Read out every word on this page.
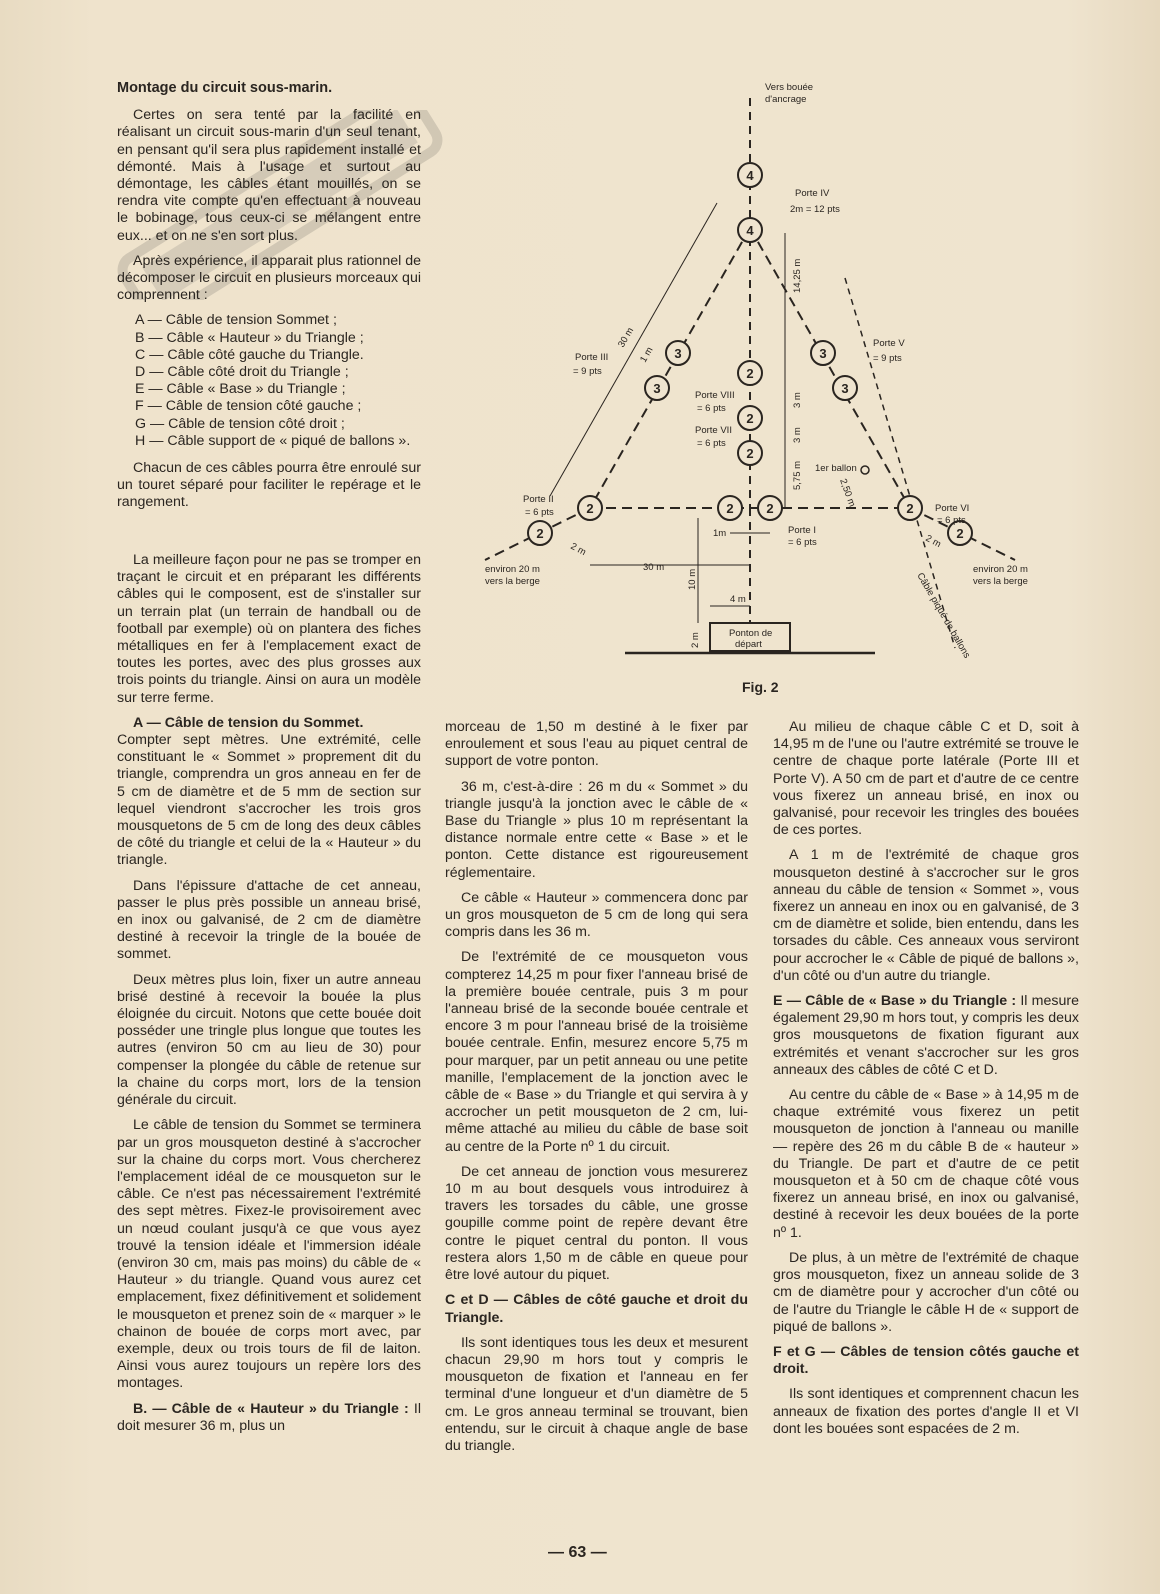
Montage du circuit sous-marin.

Certes on sera tenté par la facilité en réalisant un circuit sous-marin d'un seul tenant, en pensant qu'il sera plus rapidement installé et démonté. Mais à l'usage et surtout au démontage, les câbles étant mouillés, on se rendra vite compte qu'en effectuant à nouveau le bobinage, tous ceux-ci se mélangent entre eux... et on ne s'en sort plus.

Après expérience, il apparait plus rationnel de décomposer le circuit en plusieurs morceaux qui comprennent :

A — Câble de tension Sommet ;
B — Câble « Hauteur » du Triangle ;
C — Câble côté gauche du Triangle.
D — Câble côté droit du Triangle ;
E — Câble « Base » du Triangle ;
F — Câble de tension côté gauche ;
G — Câble de tension côté droit ;
H — Câble support de « piqué de ballons ».

Chacun de ces câbles pourra être enroulé sur un touret séparé pour faciliter le repérage et le rangement.

La meilleure façon pour ne pas se tromper en traçant le circuit et en préparant les différents câbles qui le composent, est de s'installer sur un terrain plat (un terrain de handball ou de football par exemple) où on plantera des fiches métalliques en fer à l'emplacement exact de toutes les portes, avec des plus grosses aux trois points du triangle. Ainsi on aura un modèle sur terre ferme.

A — Câble de tension du Sommet.

Compter sept mètres. Une extrémité, celle constituant le « Sommet » proprement dit du triangle, comprendra un gros anneau en fer de 5 cm de diamètre et de 5 mm de section sur lequel viendront s'accrocher les trois gros mousquetons de 5 cm de long des deux câbles de côté du triangle et celui de la « Hauteur » du triangle.

Dans l'épissure d'attache de cet anneau, passer le plus près possible un anneau brisé, en inox ou galvanisé, de 2 cm de diamètre destiné à recevoir la tringle de la bouée de sommet.

Deux mètres plus loin, fixer un autre anneau brisé destiné à recevoir la bouée la plus éloignée du circuit. Notons que cette bouée doit posséder une tringle plus longue que toutes les autres (environ 50 cm au lieu de 30) pour compenser la plongée du câble de retenue sur la chaine du corps mort, lors de la tension générale du circuit.

Le câble de tension du Sommet se terminera par un gros mousqueton destiné à s'accrocher sur la chaine du corps mort. Vous chercherez l'emplacement idéal de ce mousqueton sur le câble. Ce n'est pas nécessairement l'extrémité des sept mètres. Fixez-le provisoirement avec un nœud coulant jusqu'à ce que vous ayez trouvé la tension idéale et l'immersion idéale (environ 30 cm, mais pas moins) du câble de « Hauteur » du triangle. Quand vous aurez cet emplacement, fixez définitivement et solidement le mousqueton et prenez soin de « marquer » le chainon de bouée de corps mort avec, par exemple, deux ou trois tours de fil de laiton. Ainsi vous aurez toujours un repère lors des montages.

B. — Câble de « Hauteur » du Triangle : Il doit mesurer 36 m, plus un

morceau de 1,50 m destiné à le fixer par enroulement et sous l'eau au piquet central de support de votre ponton.

36 m, c'est-à-dire : 26 m du « Sommet » du triangle jusqu'à la jonction avec le câble de « Base du Triangle » plus 10 m représentant la distance normale entre cette « Base » et le ponton. Cette distance est rigoureusement réglementaire.

Ce câble « Hauteur » commencera donc par un gros mousqueton de 5 cm de long qui sera compris dans les 36 m.

De l'extrémité de ce mousqueton vous compterez 14,25 m pour fixer l'anneau brisé de la première bouée centrale, puis 3 m pour l'anneau brisé de la seconde bouée centrale et encore 3 m pour l'anneau brisé de la troisième bouée centrale. Enfin, mesurez encore 5,75 m pour marquer, par un petit anneau ou une petite manille, l'emplacement de la jonction avec le câble de « Base » du Triangle et qui servira à y accrocher un petit mousqueton de 2 cm, lui-même attaché au milieu du câble de base soit au centre de la Porte nº 1 du circuit.

De cet anneau de jonction vous mesurerez 10 m au bout desquels vous introduirez à travers les torsades du câble, une grosse goupille comme point de repère devant être contre le piquet central du ponton. Il vous restera alors 1,50 m de câble en queue pour être lové autour du piquet.

C et D — Câbles de côté gauche et droit du Triangle.

Ils sont identiques tous les deux et mesurent chacun 29,90 m hors tout y compris le mousqueton de fixation et l'anneau en fer terminal d'une longueur et d'un diamètre de 5 cm. Le gros anneau terminal se trouvant, bien entendu, sur le circuit à chaque angle de base du triangle.

Au milieu de chaque câble C et D, soit à 14,95 m de l'une ou l'autre extrémité se trouve le centre de chaque porte latérale (Porte III et Porte V). A 50 cm de part et d'autre de ce centre vous fixerez un anneau brisé, en inox ou galvanisé, pour recevoir les tringles des bouées de ces portes.

A 1 m de l'extrémité de chaque gros mousqueton destiné à s'accrocher sur le gros anneau du câble de tension « Sommet », vous fixerez un anneau en inox ou en galvanisé, de 3 cm de diamètre et solide, bien entendu, dans les torsades du câble. Ces anneaux vous serviront pour accrocher le « Câble de piqué de ballons », d'un côté ou d'un autre du triangle.

E — Câble de « Base » du Triangle : Il mesure également 29,90 m hors tout, y compris les deux gros mousquetons de fixation figurant aux extrémités et venant s'accrocher sur les gros anneaux des câbles de côté C et D.

Au centre du câble de « Base » à 14,95 m de chaque extrémité vous fixerez un petit mousqueton de jonction à l'anneau ou manille — repère des 26 m du câble B de « hauteur » du Triangle. De part et d'autre de ce petit mousqueton et à 50 cm de chaque côté vous fixerez un anneau brisé, en inox ou galvanisé, destiné à recevoir les deux bouées de la porte nº 1.

De plus, à un mètre de l'extrémité de chaque gros mousqueton, fixez un anneau solide de 3 cm de diamètre pour y accrocher d'un côté ou de l'autre du Triangle le câble H de « support de piqué de ballons ».

F et G — Câbles de tension côtés gauche et droit.

Ils sont identiques et comprennent chacun les anneaux de fixation des portes d'angle II et VI dont les bouées sont espacées de 2 m.

4
4
3
3
3
3
2
2
2
2
2
2	2	2
2
Vers bouée
d'ancrage
Porte IV
2m = 12 pts
Porte III
= 9 pts
Porte V
= 9 pts
Porte VIII
= 6 pts
Porte VII
= 6 pts
Porte II
= 6 pts	Porte VI
= 6 pts
Porte I
= 6 pts
1er ballon
30 m
1 m
1m
14,25 m
3 m
3 m
5,75 m
2,50 m
2 m	2 m
30 m
10 m
4 m
2 m
environ 20 m
vers la berge
environ 20 m
vers la berge
Câble piqué de ballons
Ponton de
départ
Fig. 2
— 63 —
